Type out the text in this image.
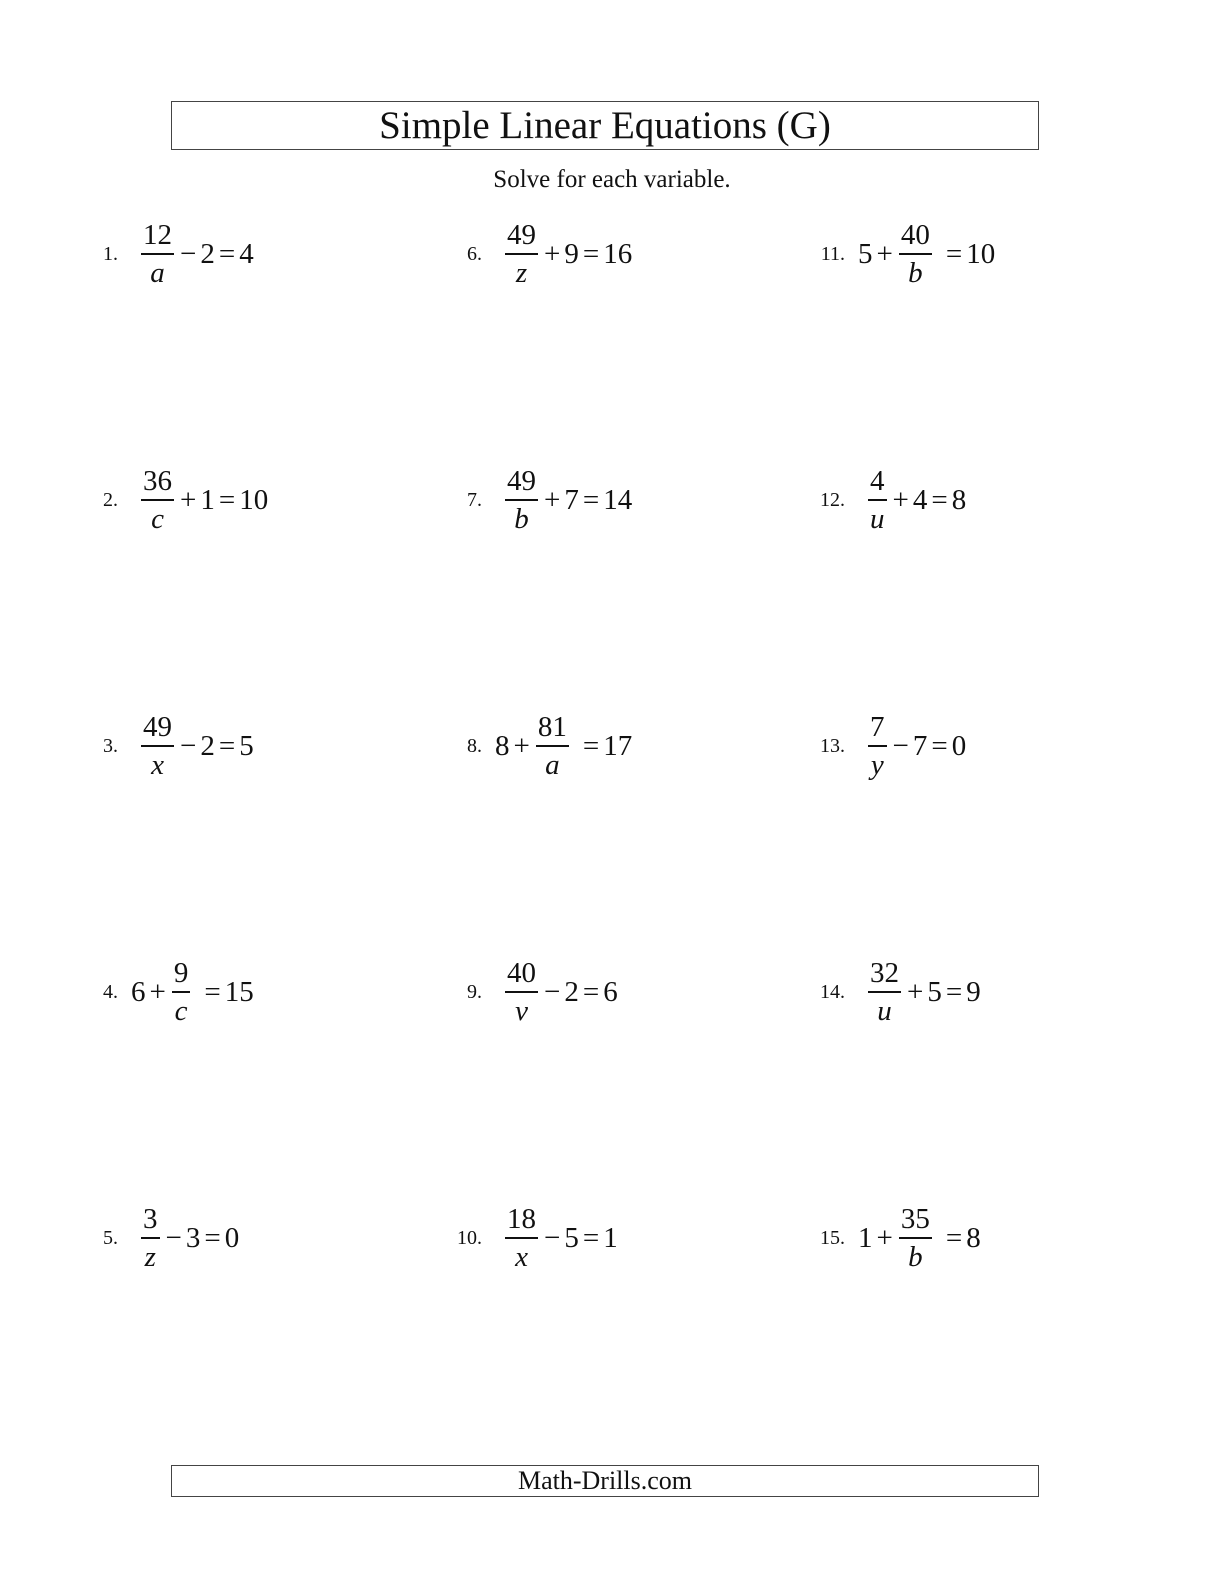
Simple Linear Equations (G)
Solve for each variable.
1. $\frac{12}{a} - 2 = 4$
2. $\frac{36}{c} + 1 = 10$
3. $\frac{49}{x} - 2 = 5$
4. $6 + \frac{9}{c} = 15$
5. $\frac{3}{z} - 3 = 0$
6. $\frac{49}{z} + 9 = 16$
7. $\frac{49}{b} + 7 = 14$
8. $8 + \frac{81}{a} = 17$
9. $\frac{40}{v} - 2 = 6$
10. $\frac{18}{x} - 5 = 1$
11. $5 + \frac{40}{b} = 10$
12. $\frac{4}{u} + 4 = 8$
13. $\frac{7}{y} - 7 = 0$
14. $\frac{32}{u} + 5 = 9$
15. $1 + \frac{35}{b} = 8$
Math-Drills.com
